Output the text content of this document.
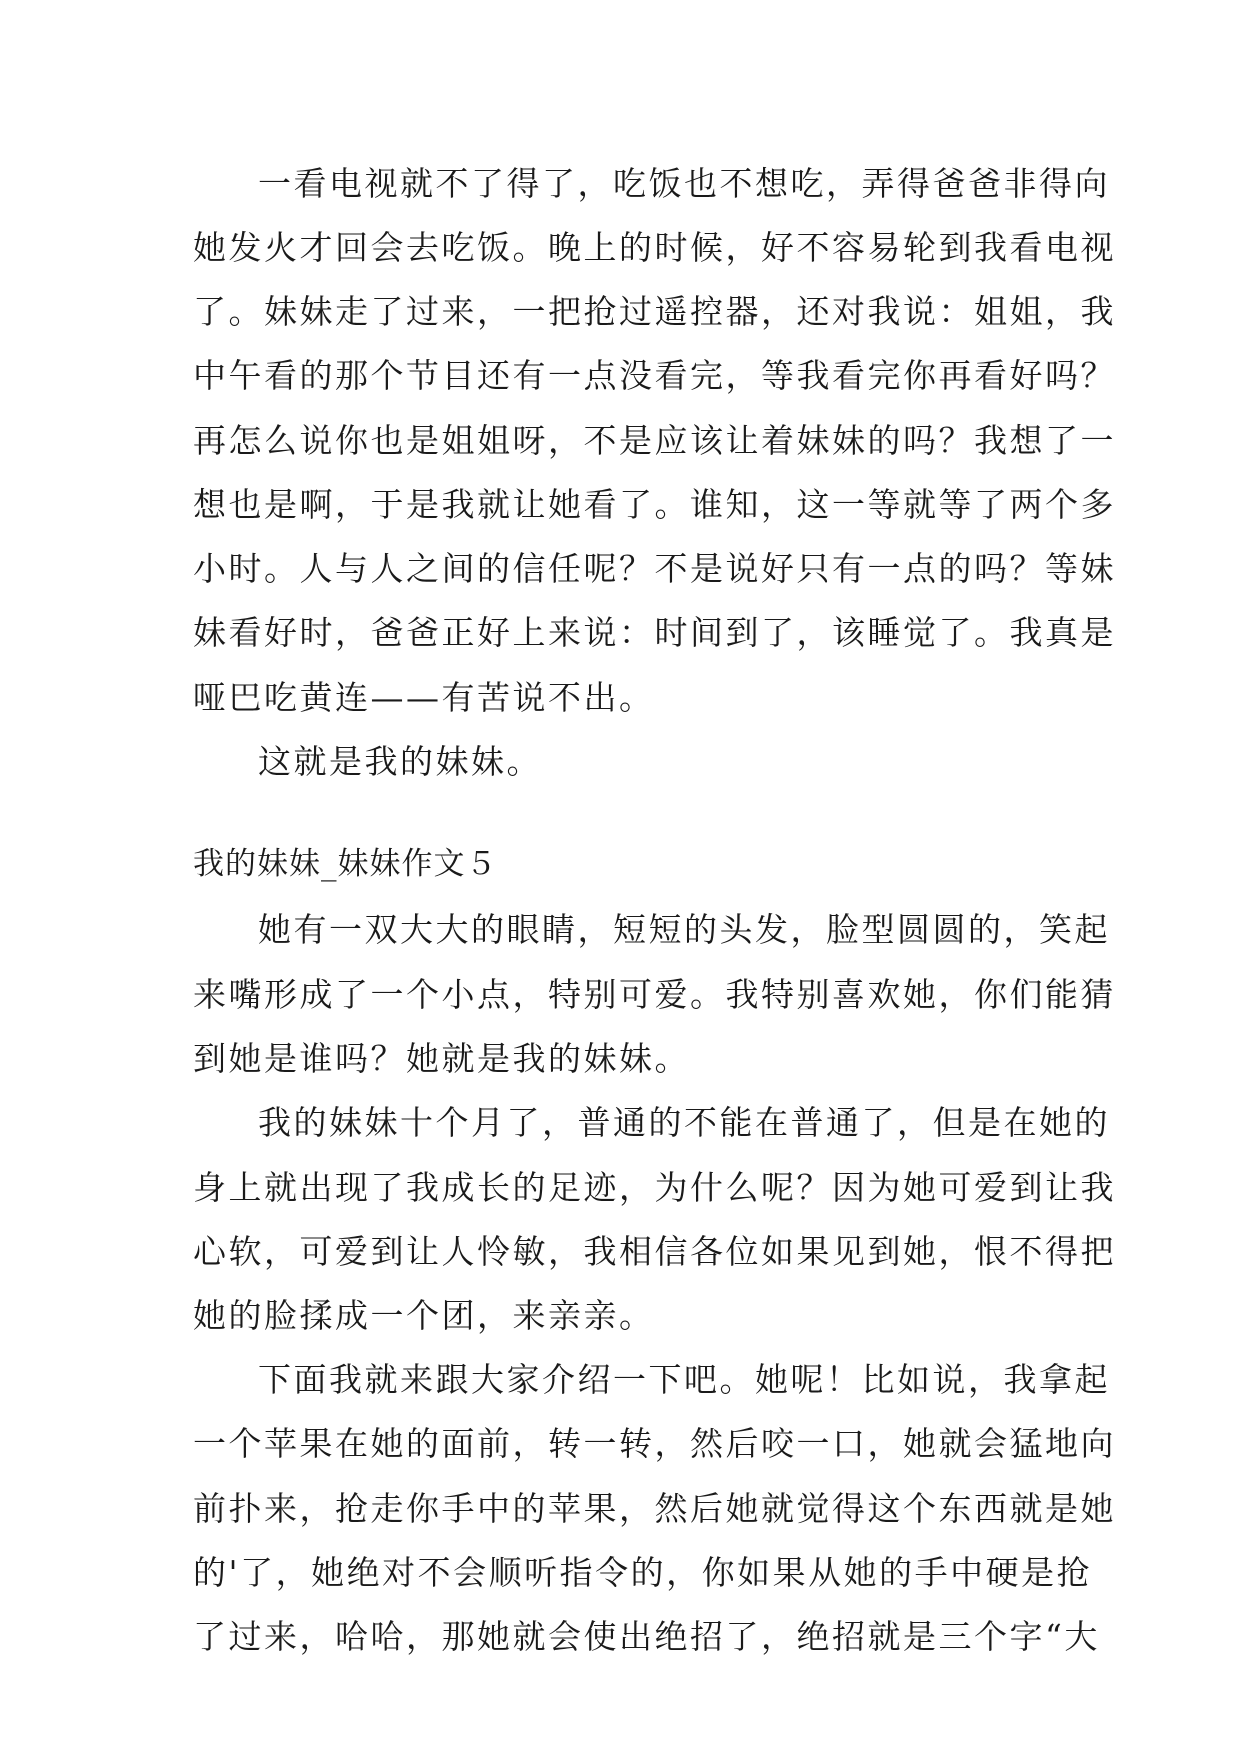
一看电视就不了得了，吃饭也不想吃，弄得爸爸非得向
她发火才回会去吃饭。晚上的时候，好不容易轮到我看电视
了。妹妹走了过来，一把抢过遥控器，还对我说：姐姐，我
中午看的那个节目还有一点没看完，等我看完你再看好吗？
再怎么说你也是姐姐呀，不是应该让着妹妹的吗？我想了一
想也是啊，于是我就让她看了。谁知，这一等就等了两个多
小时。人与人之间的信任呢？不是说好只有一点的吗？等妹
妹看好时，爸爸正好上来说：时间到了，该睡觉了。我真是
哑巴吃黄连——有苦说不出。
这就是我的妹妹。
我的妹妹_妹妹作文５
她有一双大大的眼睛，短短的头发，脸型圆圆的，笑起
来嘴形成了一个小点，特别可爱。我特别喜欢她，你们能猜
到她是谁吗？她就是我的妹妹。
我的妹妹十个月了，普通的不能在普通了，但是在她的
身上就出现了我成长的足迹，为什么呢？因为她可爱到让我
心软，可爱到让人怜敏，我相信各位如果见到她，恨不得把
她的脸揉成一个团，来亲亲。
下面我就来跟大家介绍一下吧。她呢！比如说，我拿起
一个苹果在她的面前，转一转，然后咬一口，她就会猛地向
前扑来，抢走你手中的苹果，然后她就觉得这个东西就是她
的'了，她绝对不会顺听指令的，你如果从她的手中硬是抢
了过来，哈哈，那她就会使出绝招了，绝招就是三个字“大
